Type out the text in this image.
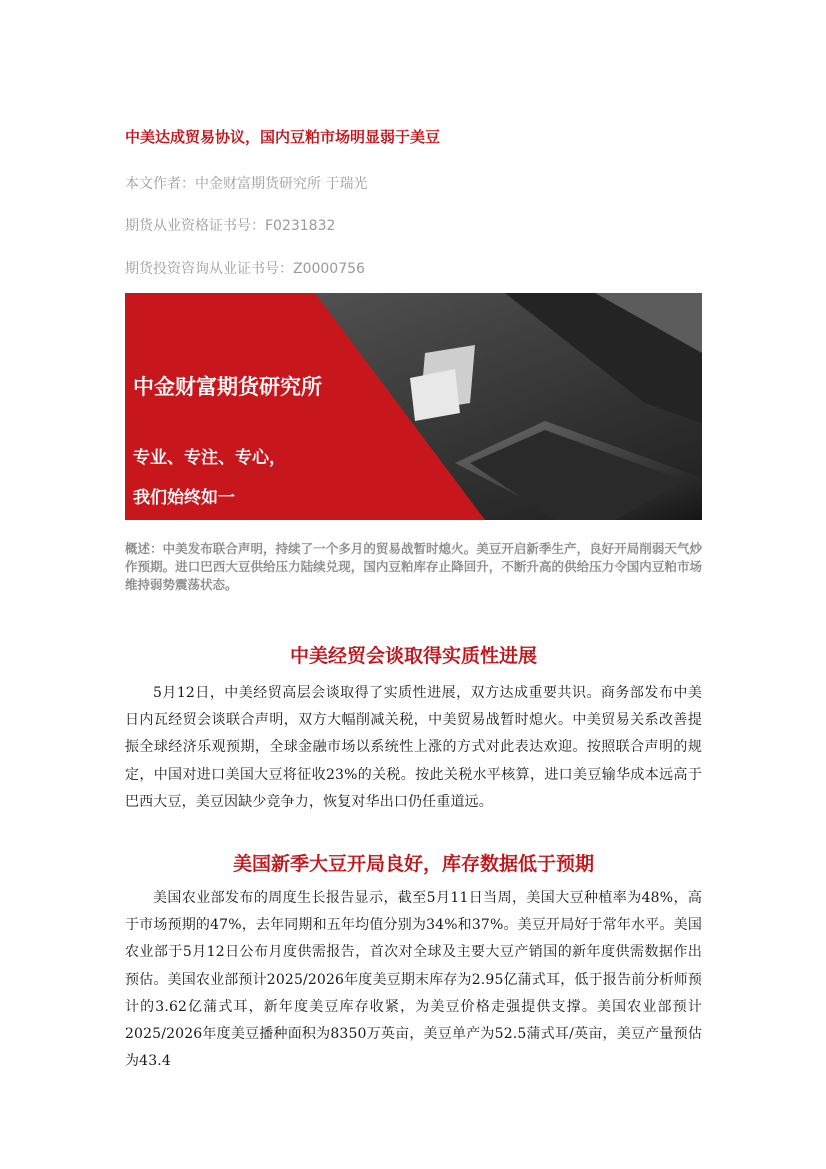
中美达成贸易协议，国内豆粕市场明显弱于美豆
本文作者：中金财富期货研究所 于瑞光
期货从业资格证书号：F0231832
期货投资咨询从业证书号：Z0000756
中金财富期货研究所
专业、专注、专心，
我们始终如一
概述：中美发布联合声明，持续了一个多月的贸易战暂时熄火。美豆开启新季生产，良好开局削弱天气炒作预期。进口巴西大豆供给压力陆续兑现，国内豆粕库存止降回升，不断升高的供给压力令国内豆粕市场维持弱势震荡状态。
中美经贸会谈取得实质性进展
5月12日，中美经贸高层会谈取得了实质性进展，双方达成重要共识。商务部发布中美日内瓦经贸会谈联合声明，双方大幅削减关税，中美贸易战暂时熄火。中美贸易关系改善提振全球经济乐观预期，全球金融市场以系统性上涨的方式对此表达欢迎。按照联合声明的规定，中国对进口美国大豆将征收23%的关税。按此关税水平核算，进口美豆输华成本远高于巴西大豆，美豆因缺少竞争力，恢复对华出口仍任重道远。
美国新季大豆开局良好，库存数据低于预期
美国农业部发布的周度生长报告显示，截至5月11日当周，美国大豆种植率为48%，高于市场预期的47%，去年同期和五年均值分别为34%和37%。美豆开局好于常年水平。美国农业部于5月12日公布月度供需报告，首次对全球及主要大豆产销国的新年度供需数据作出预估。美国农业部预计2025/2026年度美豆期末库存为2.95亿蒲式耳，低于报告前分析师预计的3.62亿蒲式耳，新年度美豆库存收紧，为美豆价格走强提供支撑。美国农业部预计2025/2026年度美豆播种面积为8350万英亩，美豆单产为52.5蒲式耳/英亩，美豆产量预估为43.4
